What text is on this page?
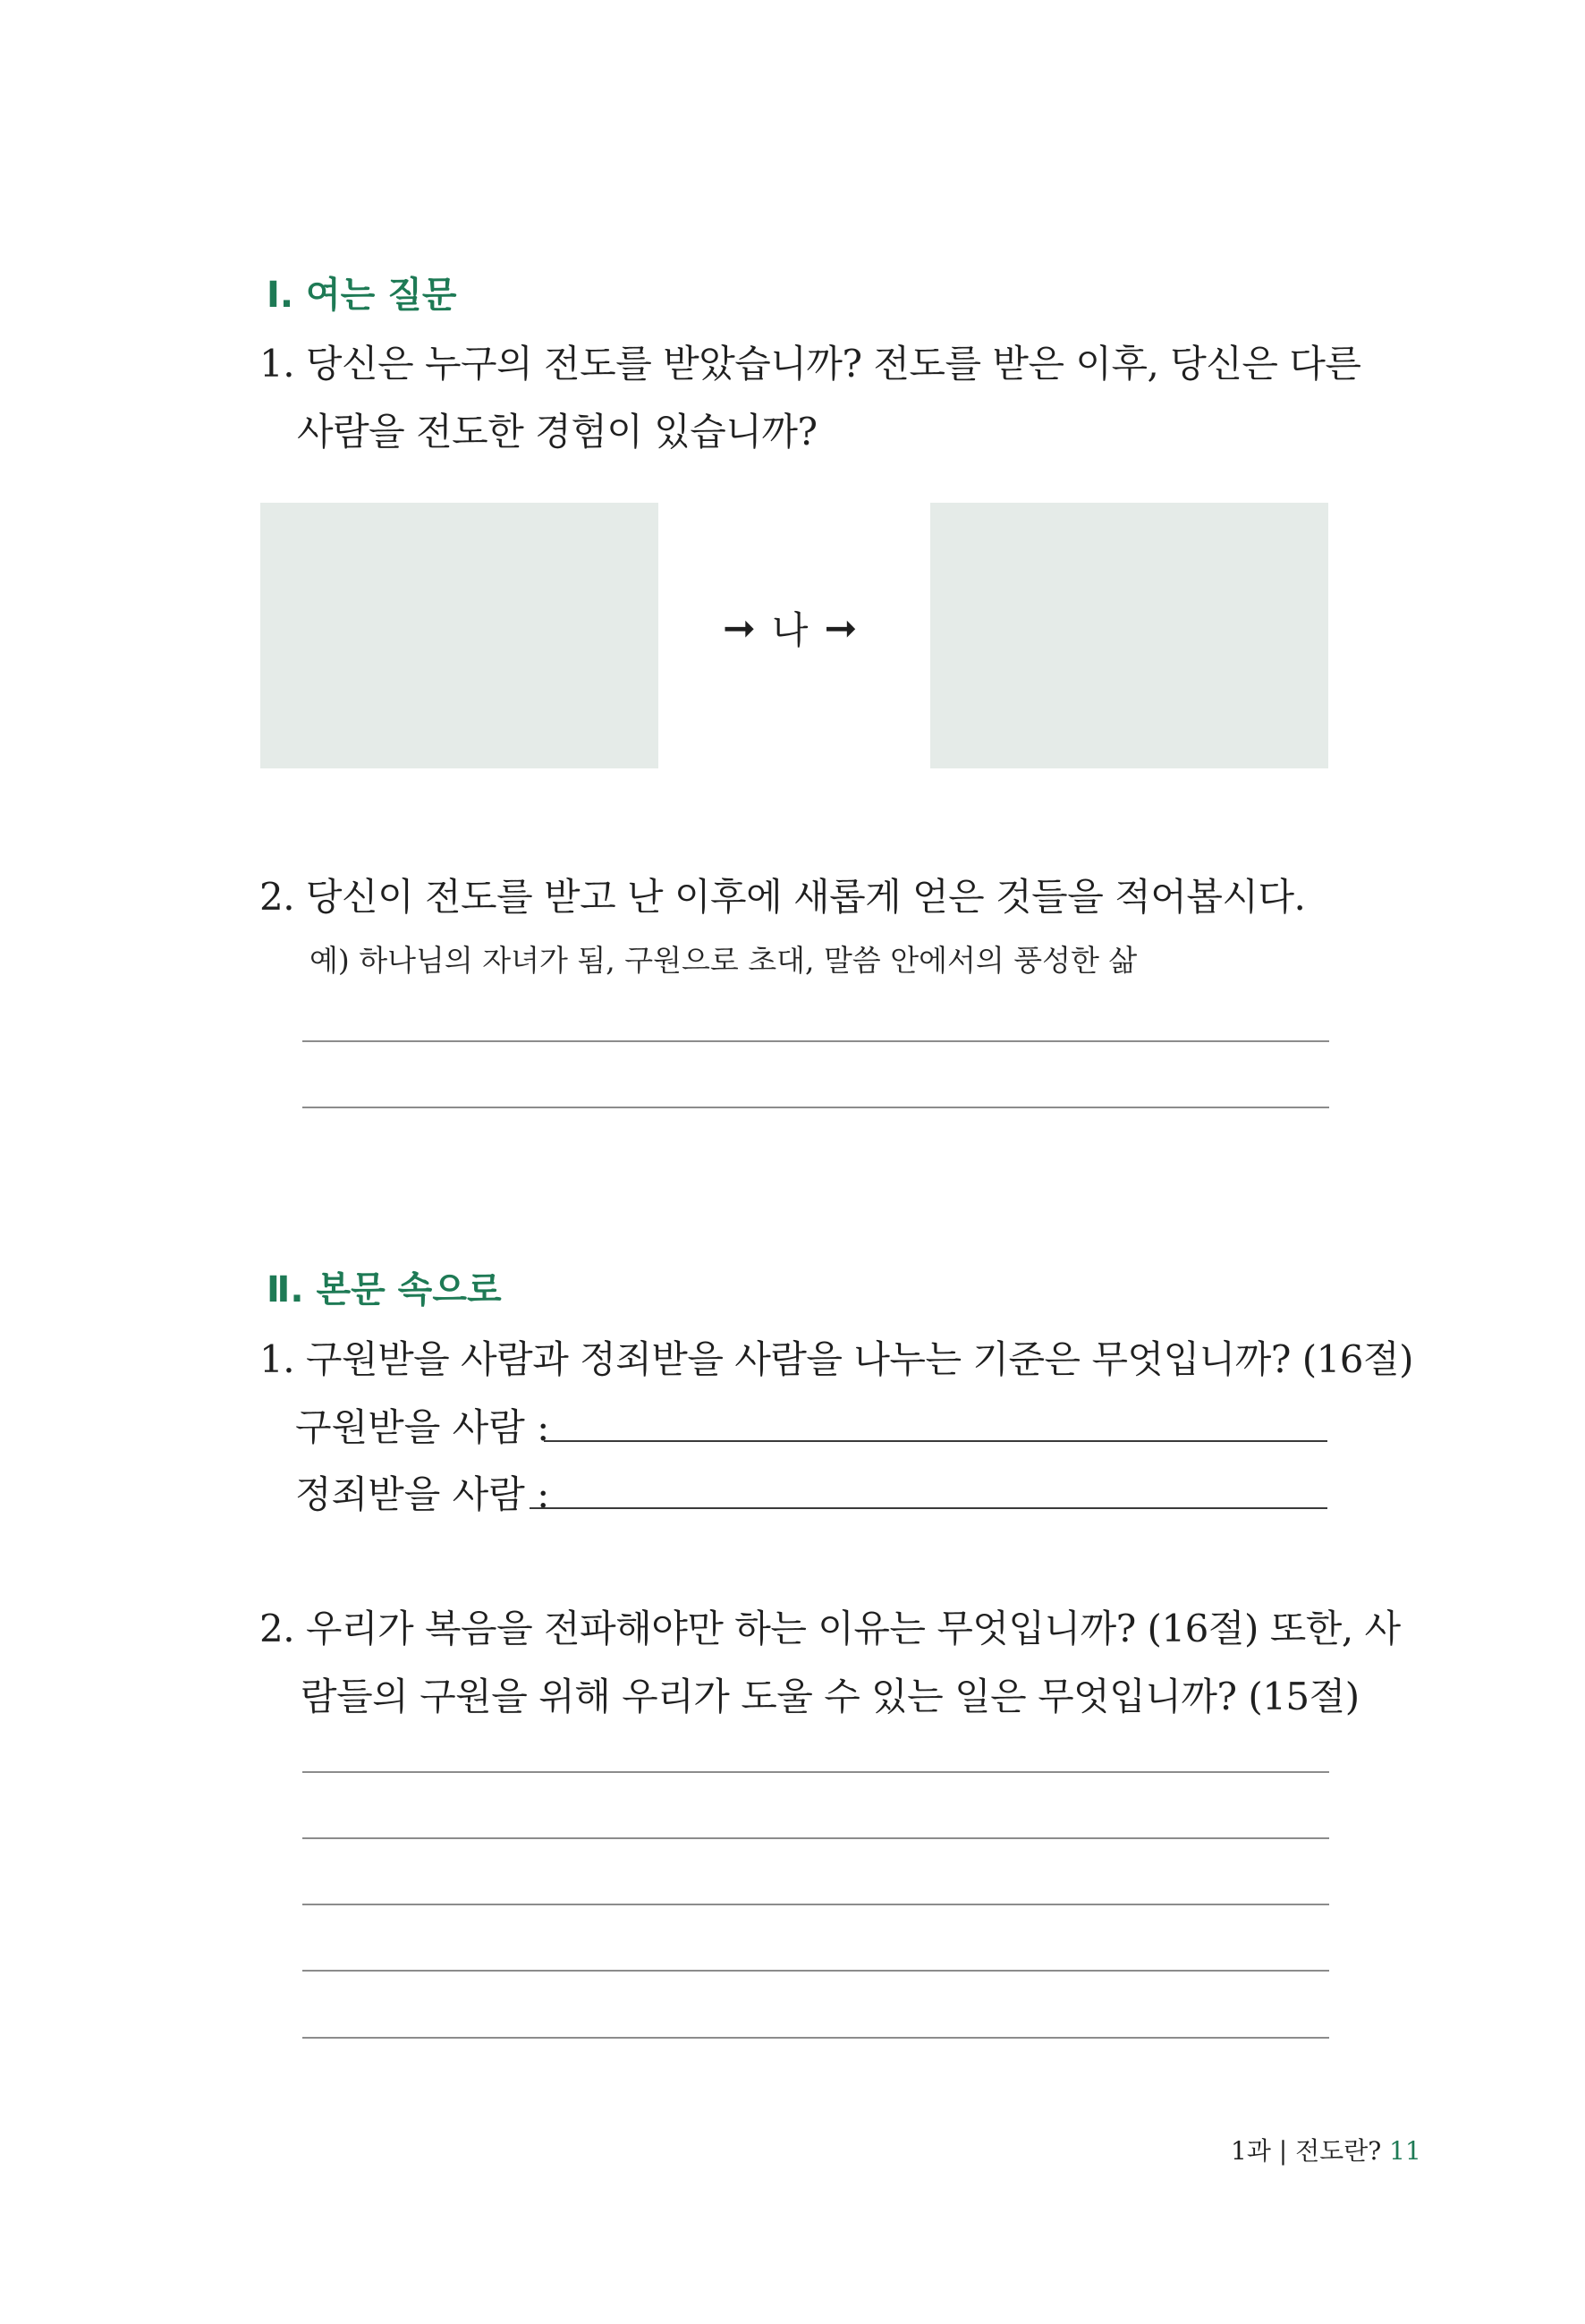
Ⅰ. 여는 질문
1. 당신은 누구의 전도를 받았습니까? 전도를 받은 이후, 당신은 다른
사람을 전도한 경험이 있습니까?
➞ 나 ➞
2. 당신이 전도를 받고 난 이후에 새롭게 얻은 것들을 적어봅시다.
예) 하나님의 자녀가 됨, 구원으로 초대, 말씀 안에서의 풍성한 삶
Ⅱ. 본문 속으로
1. 구원받을 사람과 정죄받을 사람을 나누는 기준은 무엇입니까? (16절)
구원받을 사람 :
정죄받을 사람 :
2. 우리가 복음을 전파해야만 하는 이유는 무엇입니까? (16절) 또한, 사
람들의 구원을 위해 우리가 도울 수 있는 일은 무엇입니까? (15절)
1과 | 전도란? 11
